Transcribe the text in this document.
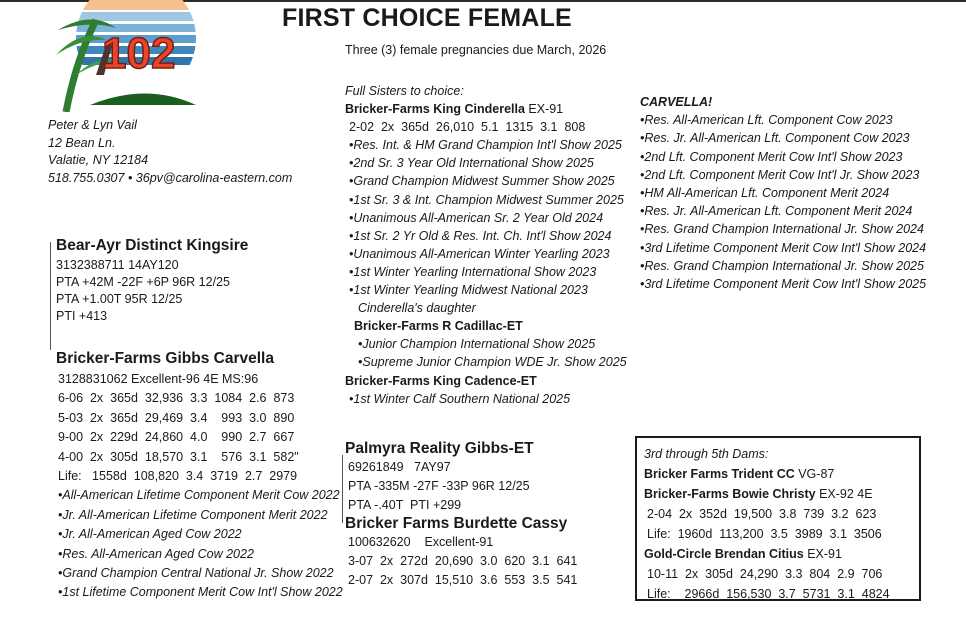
102
FIRST CHOICE FEMALE
Three (3) female pregnancies due March, 2026
Peter & Lyn Vail
12 Bean Ln.
Valatie, NY 12184
518.755.0307 • 36pv@carolina-eastern.com
Bear-Ayr Distinct Kingsire
3132388711 14AY120
PTA +42M -22F +6P 96R 12/25
PTA +1.00T 95R 12/25
PTI +413
Bricker-Farms Gibbs Carvella
3128831062 Excellent-96 4E MS:96
6-06  2x  365d  32,936  3.3  1084  2.6  873
5-03  2x  365d  29,469  3.4    993  3.0  890
9-00  2x  229d  24,860  4.0    990  2.7  667
4-00  2x  305d  18,570  3.1    576  3.1  582"
Life:   1558d  108,820  3.4  3719  2.7  2979
•All-American Lifetime Component Merit Cow 2022
•Jr. All-American Lifetime Component Merit 2022
•Jr. All-American Aged Cow 2022
•Res. All-American Aged Cow 2022
•Grand Champion Central National Jr. Show 2022
•1st Lifetime Component Merit Cow Int'l Show 2022
Full Sisters to choice:
Bricker-Farms King Cinderella EX-91
2-02  2x  365d  26,010  5.1  1315  3.1  808
•Res. Int. & HM Grand Champion Int'l Show 2025
•2nd Sr. 3 Year Old International Show 2025
•Grand Champion Midwest Summer Show 2025
•1st Sr. 3 & Int. Champion Midwest Summer 2025
•Unanimous All-American Sr. 2 Year Old 2024
•1st Sr. 2 Yr Old & Res. Int. Ch. Int'l Show 2024
•Unanimous All-American Winter Yearling 2023
•1st Winter Yearling International Show 2023
•1st Winter Yearling Midwest National 2023
Cinderella's daughter
Bricker-Farms R Cadillac-ET
•Junior Champion International Show 2025
•Supreme Junior Champion WDE Jr. Show 2025
Bricker-Farms King Cadence-ET
•1st Winter Calf Southern National 2025
CARVELLA!
•Res. All-American Lft. Component Cow 2023
•Res. Jr. All-American Lft. Component Cow 2023
•2nd Lft. Component Merit Cow Int'l Show 2023
•2nd Lft. Component Merit Cow Int'l Jr. Show 2023
•HM All-American Lft. Component Merit 2024
•Res. Jr. All-American Lft. Component Merit 2024
•Res. Grand Champion International Jr. Show 2024
•3rd Lifetime Component Merit Cow Int'l Show 2024
•Res. Grand Champion International Jr. Show 2025
•3rd Lifetime Component Merit Cow Int'l Show 2025
Palmyra Reality Gibbs-ET
69261849   7AY97
PTA -335M -27F -33P 96R 12/25
PTA -.40T  PTI +299
Bricker Farms Burdette Cassy
100632620    Excellent-91
3-07  2x  272d  20,690  3.0  620  3.1  641
2-07  2x  307d  15,510  3.6  553  3.5  541
3rd through 5th Dams:
Bricker Farms Trident CC VG-87
Bricker-Farms Bowie Christy EX-92 4E
2-04  2x  352d  19,500  3.8  739  3.2  623
Life:  1960d  113,200  3.5  3989  3.1  3506
Gold-Circle Brendan Citius EX-91
10-11  2x  305d  24,290  3.3  804  2.9  706
Life:    2966d  156,530  3.7  5731  3.1  4824
